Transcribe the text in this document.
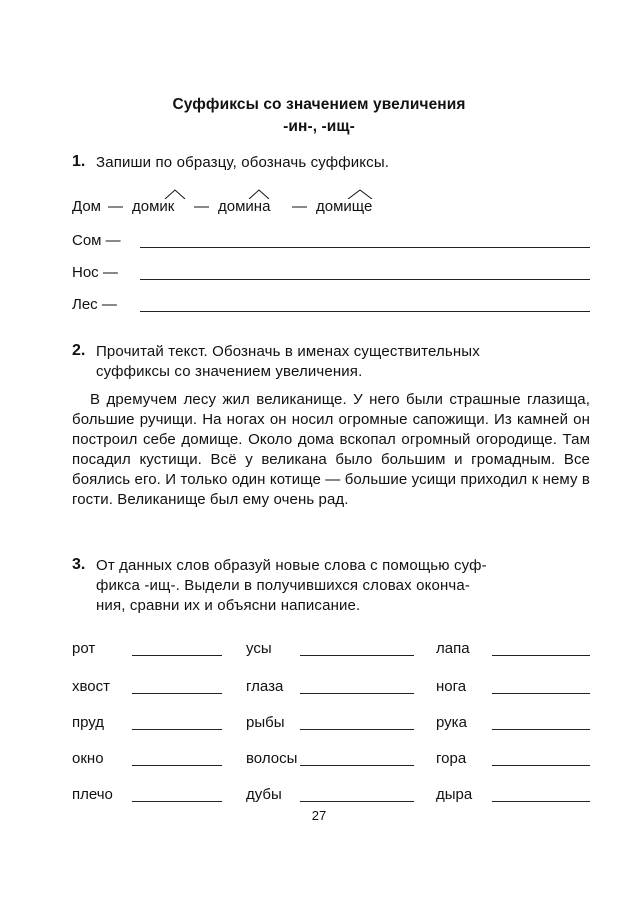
Суффиксы со значением увеличения
-ин-, -ищ-
1. Запиши по образцу, обозначь суффиксы.
Дом — домик — домина — домище
Сом —
Нос —
Лес —
2. Прочитай текст. Обозначь в именах существительных
суффиксы со значением увеличения.
В дремучем лесу жил великанище. У него были страшные глазища, большие ручищи. На ногах он носил огромные сапожищи. Из камней он построил себе домище. Около дома вскопал огромный огородище. Там посадил кустищи. Всё у великана было большим и громадным. Все боялись его. И только один котище — большие усищи приходил к нему в гости. Великанище был ему очень рад.
3. От данных слов образуй новые слова с помощью суф-
фикса -ищ-. Выдели в получившихся словах оконча-
ния, сравни их и объясни написание.
рот	усы	лапа
хвост	глаза	нога
пруд	рыбы	рука
окно	волосы	гора
плечо	дубы	дыра
27
